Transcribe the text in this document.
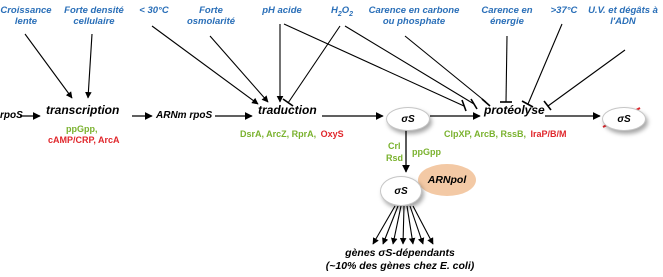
Croissance lente
Forte densité cellulaire
< 30°C	Forte osmolarité
pH acide	$H_2O_2$	Carence en carbone ou phosphate
Carence en énergie
>37°C	U.V. et dégâts à l'ADN
rpoS transcription	ARNm rpoS	traduction
σS
protéolyse
σS
ppGpp,
cAMP/CRP, ArcA
DsrA, ArcZ, RprA, OxyS	ClpXP, ArcB, RssB, IraP/B/M
Crl
Rsd
ppGpp
ARNpol
σS
gènes σS-dépendants
(~10% des gènes chez E. coli)
